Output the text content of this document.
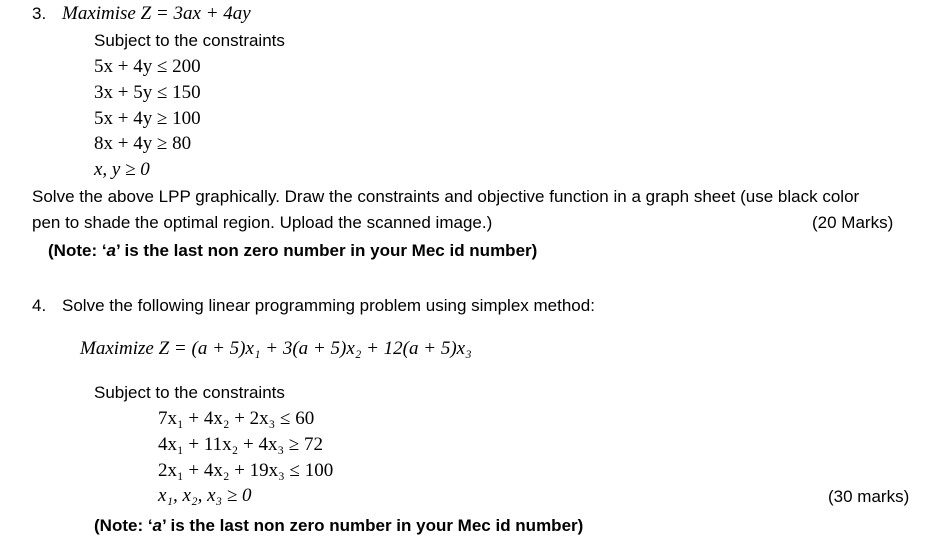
3. Maximise Z = 3ax + 4ay
Subject to the constraints
5x + 4y ≤ 200
3x + 5y ≤ 150
5x + 4y ≥ 100
8x + 4y ≥ 80
x, y ≥ 0
Solve the above LPP graphically. Draw the constraints and objective function in a graph sheet (use black color
pen to shade the optimal region. Upload the scanned image.)	(20 Marks)
(Note: ‘a’ is the last non zero number in your Mec id number)
4. Solve the following linear programming problem using simplex method:
Maximize Z = (a + 5)x₁ + 3(a + 5)x₂ + 12(a + 5)x₃
Subject to the constraints
7x₁ + 4x₂ + 2x₃ ≤ 60
4x₁ + 11x₂ + 4x₃ ≥ 72
2x₁ + 4x₂ + 19x₃ ≤ 100
x₁, x₂, x₃ ≥ 0	(30 marks)
(Note: ‘a’ is the last non zero number in your Mec id number)
